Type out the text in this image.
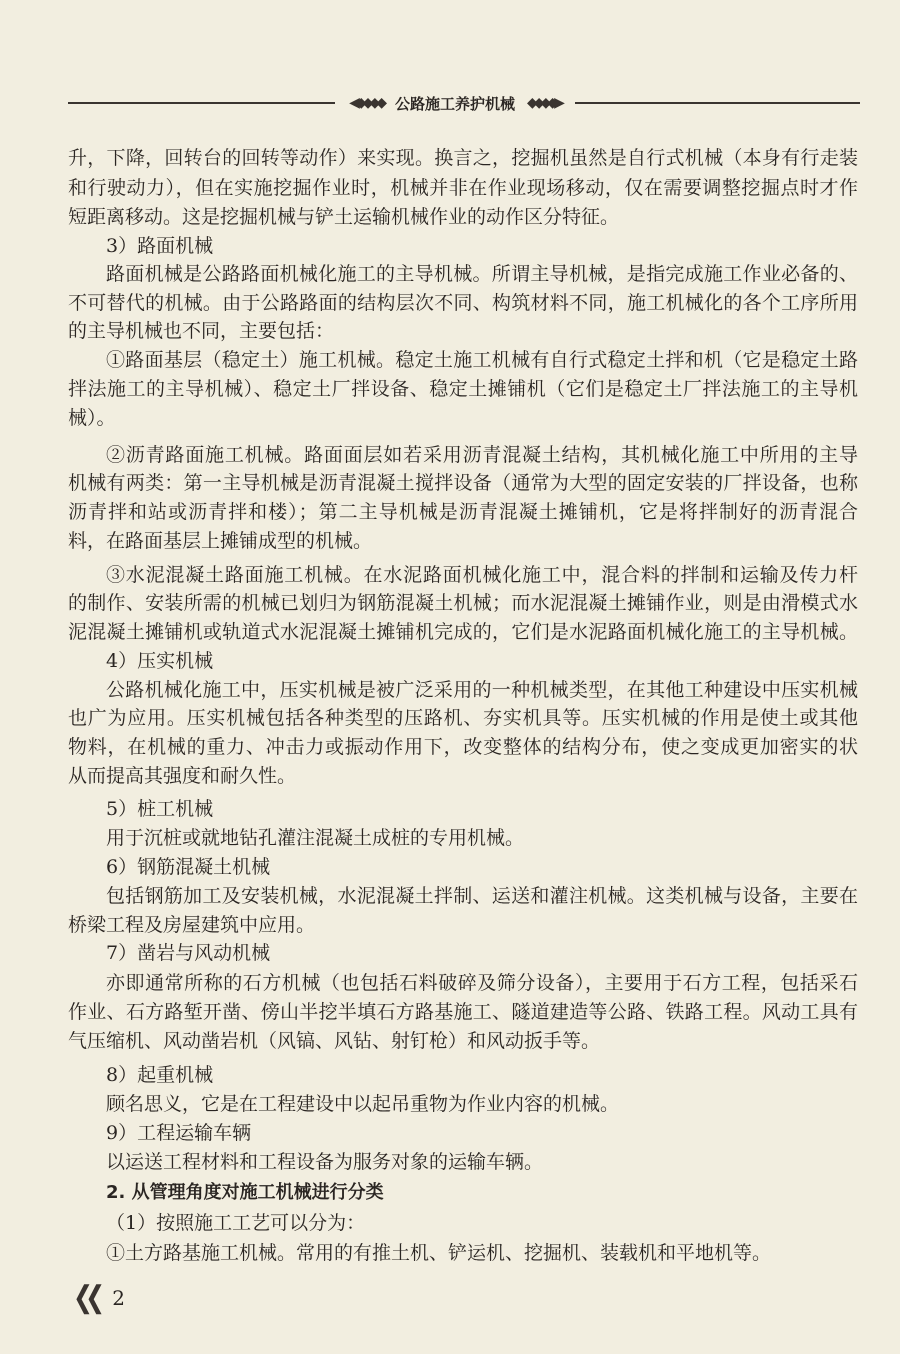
◀◆◆◆◆ 公路施工养护机械 ◆◆◆◆▶
升，下降，回转台的回转等动作）来实现。换言之，挖掘机虽然是自行式机械（本身有行走装
和行驶动力），但在实施挖掘作业时，机械并非在作业现场移动，仅在需要调整挖掘点时才作
短距离移动。这是挖掘机械与铲土运输机械作业的动作区分特征。
3）路面机械
路面机械是公路路面机械化施工的主导机械。所谓主导机械，是指完成施工作业必备的、
不可替代的机械。由于公路路面的结构层次不同、构筑材料不同，施工机械化的各个工序所用
的主导机械也不同，主要包括：
①路面基层（稳定土）施工机械。稳定土施工机械有自行式稳定土拌和机（它是稳定土路
拌法施工的主导机械）、稳定土厂拌设备、稳定土摊铺机（它们是稳定土厂拌法施工的主导机
械）。
②沥青路面施工机械。路面面层如若采用沥青混凝土结构，其机械化施工中所用的主导
机械有两类：第一主导机械是沥青混凝土搅拌设备（通常为大型的固定安装的厂拌设备，也称
沥青拌和站或沥青拌和楼）；第二主导机械是沥青混凝土摊铺机，它是将拌制好的沥青混合
料，在路面基层上摊铺成型的机械。
③水泥混凝土路面施工机械。在水泥路面机械化施工中，混合料的拌制和运输及传力杆
的制作、安装所需的机械已划归为钢筋混凝土机械；而水泥混凝土摊铺作业，则是由滑模式水
泥混凝土摊铺机或轨道式水泥混凝土摊铺机完成的，它们是水泥路面机械化施工的主导机械。
4）压实机械
公路机械化施工中，压实机械是被广泛采用的一种机械类型，在其他工种建设中压实机械
也广为应用。压实机械包括各种类型的压路机、夯实机具等。压实机械的作用是使土或其他
物料，在机械的重力、冲击力或振动作用下，改变整体的结构分布，使之变成更加密实的状
从而提高其强度和耐久性。
5）桩工机械
用于沉桩或就地钻孔灌注混凝土成桩的专用机械。
6）钢筋混凝土机械
包括钢筋加工及安装机械，水泥混凝土拌制、运送和灌注机械。这类机械与设备，主要在
桥梁工程及房屋建筑中应用。
7）凿岩与风动机械
亦即通常所称的石方机械（也包括石料破碎及筛分设备），主要用于石方工程，包括采石
作业、石方路堑开凿、傍山半挖半填石方路基施工、隧道建造等公路、铁路工程。风动工具有
气压缩机、风动凿岩机（风镐、风钻、射钉枪）和风动扳手等。
8）起重机械
顾名思义，它是在工程建设中以起吊重物为作业内容的机械。
9）工程运输车辆
以运送工程材料和工程设备为服务对象的运输车辆。
2. 从管理角度对施工机械进行分类
（1）按照施工工艺可以分为：
①土方路基施工机械。常用的有推土机、铲运机、挖掘机、装载机和平地机等。
❮❮ 2
